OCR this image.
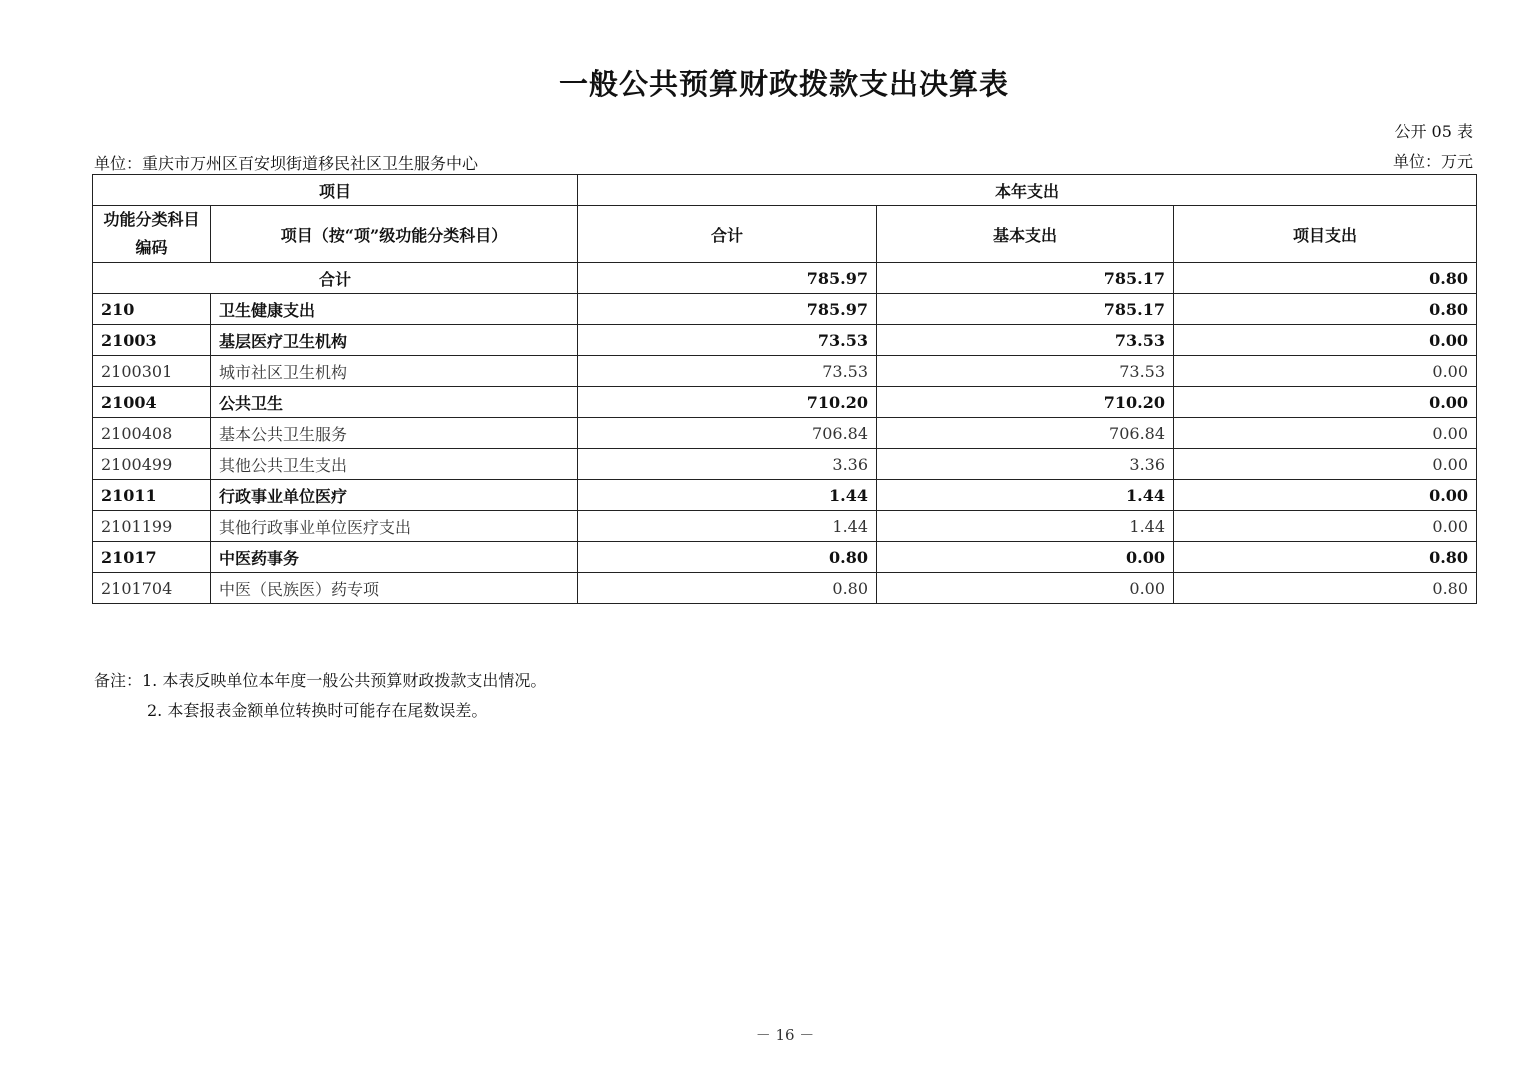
一般公共预算财政拨款支出决算表
公开 05 表
单位：重庆市万州区百安坝街道移民社区卫生服务中心	单位：万元
项目		本年支出		
功能分类科目编码	项目（按“项”级功能分类科目）	合计	基本支出	项目支出
合计		785.97	785.17	0.80
210	卫生健康支出	785.97	785.17	0.80
21003	基层医疗卫生机构	73.53	73.53	0.00
2100301	城市社区卫生机构	73.53	73.53	0.00
21004	公共卫生	710.20	710.20	0.00
2100408	基本公共卫生服务	706.84	706.84	0.00
2100499	其他公共卫生支出	3.36	3.36	0.00
21011	行政事业单位医疗	1.44	1.44	0.00
2101199	其他行政事业单位医疗支出	1.44	1.44	0.00
21017	中医药事务	0.80	0.00	0.80
2101704	中医（民族医）药专项	0.80	0.00	0.80
备注：1. 本表反映单位本年度一般公共预算财政拨款支出情况。
2. 本套报表金额单位转换时可能存在尾数误差。
－ 16 －
